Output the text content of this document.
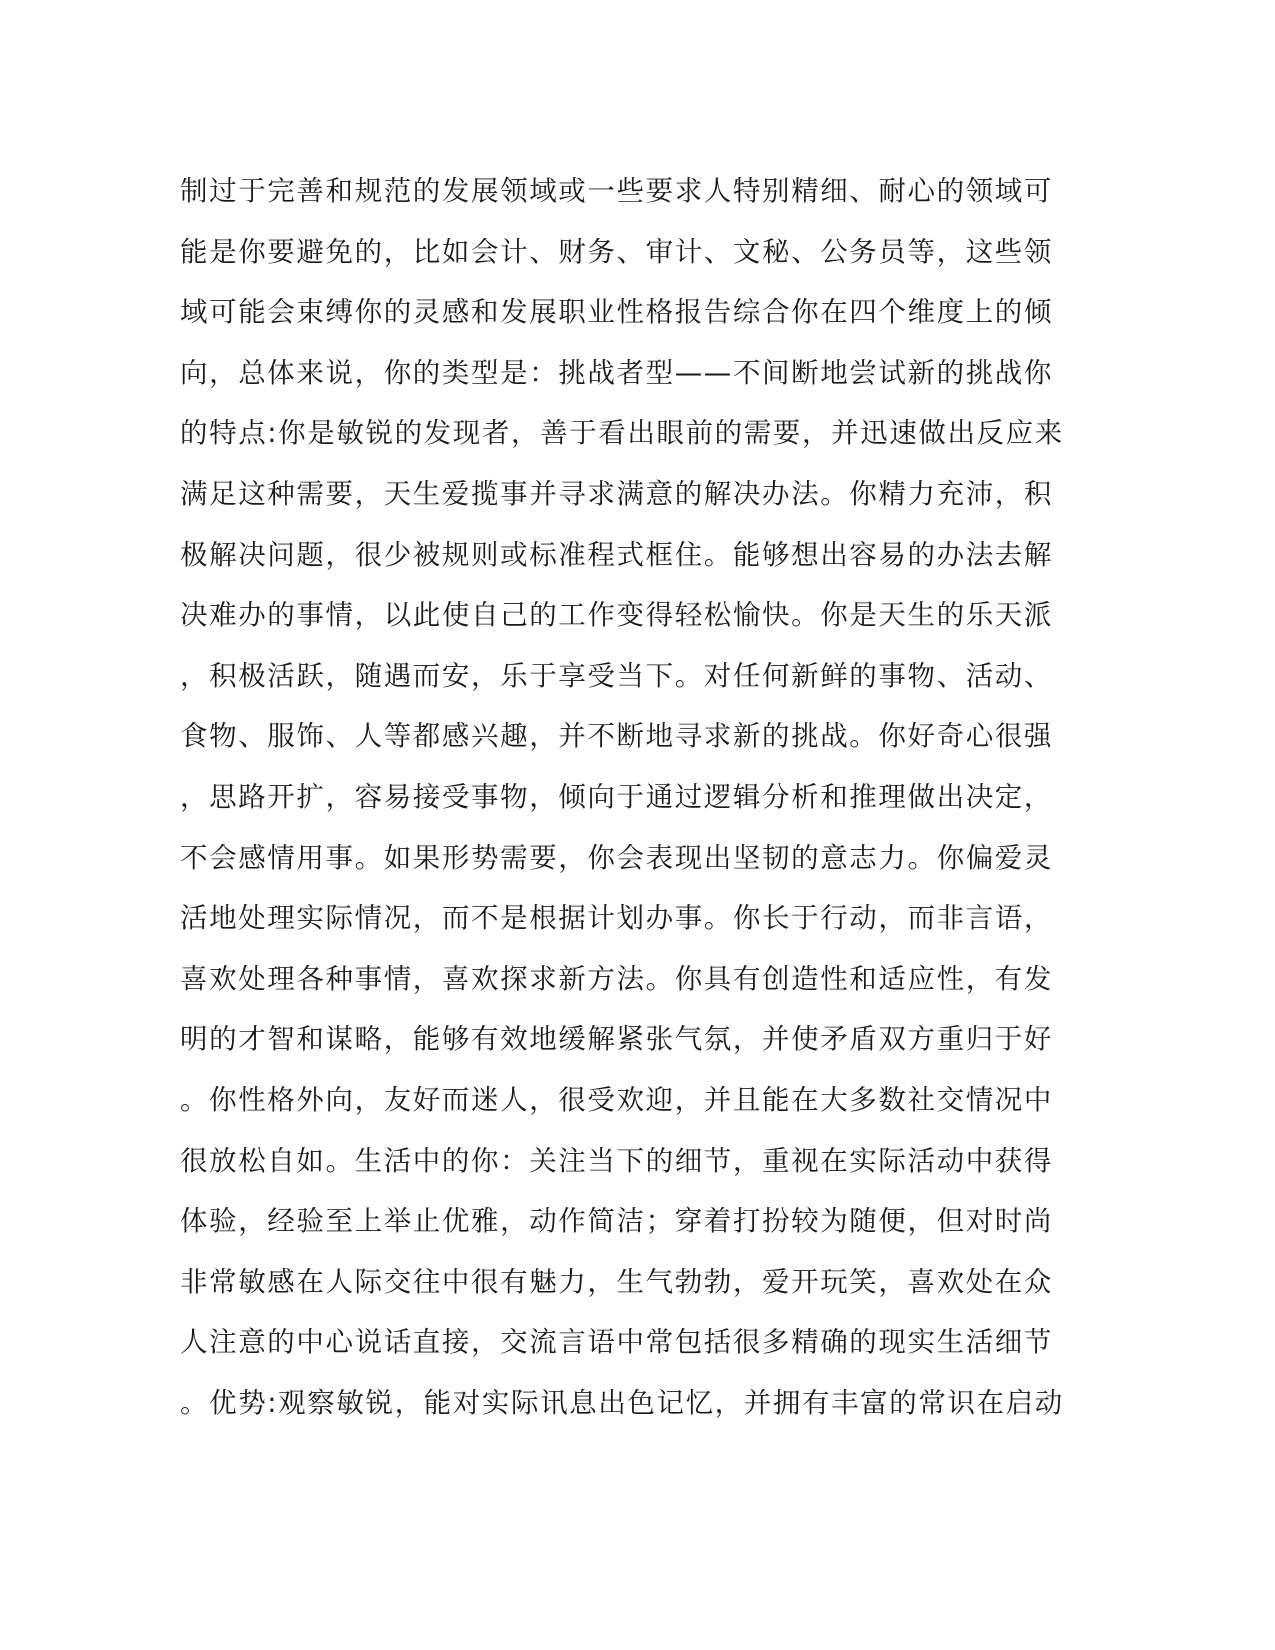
制过于完善和规范的发展领域或一些要求人特别精细、耐心的领域可
能是你要避免的，比如会计、财务、审计、文秘、公务员等，这些领
域可能会束缚你的灵感和发展职业性格报告综合你在四个维度上的倾
向，总体来说，你的类型是：挑战者型——不间断地尝试新的挑战你
的特点:你是敏锐的发现者，善于看出眼前的需要，并迅速做出反应来
满足这种需要，天生爱揽事并寻求满意的解决办法。你精力充沛，积
极解决问题，很少被规则或标准程式框住。能够想出容易的办法去解
决难办的事情，以此使自己的工作变得轻松愉快。你是天生的乐天派
，积极活跃，随遇而安，乐于享受当下。对任何新鲜的事物、活动、
食物、服饰、人等都感兴趣，并不断地寻求新的挑战。你好奇心很强
，思路开扩，容易接受事物，倾向于通过逻辑分析和推理做出决定，
不会感情用事。如果形势需要，你会表现出坚韧的意志力。你偏爱灵
活地处理实际情况，而不是根据计划办事。你长于行动，而非言语，
喜欢处理各种事情，喜欢探求新方法。你具有创造性和适应性，有发
明的才智和谋略，能够有效地缓解紧张气氛，并使矛盾双方重归于好
。你性格外向，友好而迷人，很受欢迎，并且能在大多数社交情况中
很放松自如。生活中的你：关注当下的细节，重视在实际活动中获得
体验，经验至上举止优雅，动作简洁；穿着打扮较为随便，但对时尚
非常敏感在人际交往中很有魅力，生气勃勃，爱开玩笑，喜欢处在众
人注意的中心说话直接，交流言语中常包括很多精确的现实生活细节
。优势:观察敏锐，能对实际讯息出色记忆，并拥有丰富的常识在启动
